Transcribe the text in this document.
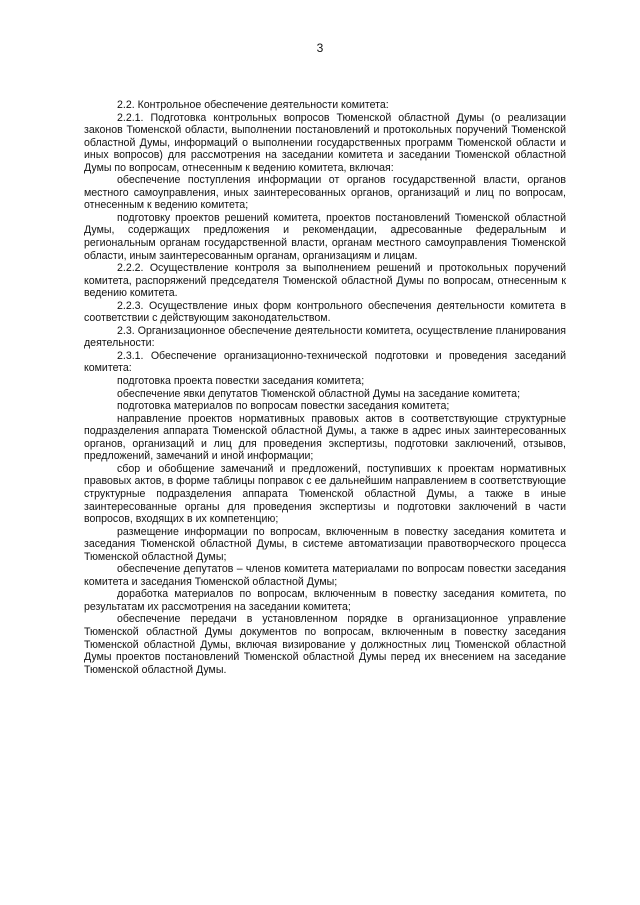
3

2.2. Контрольное обеспечение деятельности комитета:

2.2.1. Подготовка контрольных вопросов Тюменской областной Думы (о реализации законов Тюменской области, выполнении постановлений и протокольных поручений Тюменской областной Думы, информаций о выполнении государственных программ Тюменской области и иных вопросов) для рассмотрения на заседании комитета и заседании Тюменской областной Думы по вопросам, отнесенным к ведению комитета, включая:

обеспечение поступления информации от органов государственной власти, органов местного самоуправления, иных заинтересованных органов, организаций и лиц по вопросам, отнесенным к ведению комитета;

подготовку проектов решений комитета, проектов постановлений Тюменской областной Думы, содержащих предложения и рекомендации, адресованные федеральным и региональным органам государственной власти, органам местного самоуправления Тюменской области, иным заинтересованным органам, организациям и лицам.

2.2.2. Осуществление контроля за выполнением решений и протокольных поручений комитета, распоряжений председателя Тюменской областной Думы по вопросам, отнесенным к ведению комитета.

2.2.3. Осуществление иных форм контрольного обеспечения деятельности комитета в соответствии с действующим законодательством.

2.3. Организационное обеспечение деятельности комитета, осуществление планирования деятельности:

2.3.1. Обеспечение организационно-технической подготовки и проведения заседаний комитета:

подготовка проекта повестки заседания комитета;

обеспечение явки депутатов Тюменской областной Думы на заседание комитета;

подготовка материалов по вопросам повестки заседания комитета;

направление проектов нормативных правовых актов в соответствующие структурные подразделения аппарата Тюменской областной Думы, а также в адрес иных заинтересованных органов, организаций и лиц для проведения экспертизы, подготовки заключений, отзывов, предложений, замечаний и иной информации;

сбор и обобщение замечаний и предложений, поступивших к проектам нормативных правовых актов, в форме таблицы поправок с ее дальнейшим направлением в соответствующие структурные подразделения аппарата Тюменской областной Думы, а также в иные заинтересованные органы для проведения экспертизы и подготовки заключений в части вопросов, входящих в их компетенцию;

размещение информации по вопросам, включенным в повестку заседания комитета и заседания Тюменской областной Думы, в системе автоматизации правотворческого процесса Тюменской областной Думы;

обеспечение депутатов – членов комитета материалами по вопросам повестки заседания комитета и заседания Тюменской областной Думы;

доработка материалов по вопросам, включенным в повестку заседания комитета, по результатам их рассмотрения на заседании комитета;

обеспечение передачи в установленном порядке в организационное управление Тюменской областной Думы документов по вопросам, включенным в повестку заседания Тюменской областной Думы, включая визирование у должностных лиц Тюменской областной Думы проектов постановлений Тюменской областной Думы перед их внесением на заседание Тюменской областной Думы.
